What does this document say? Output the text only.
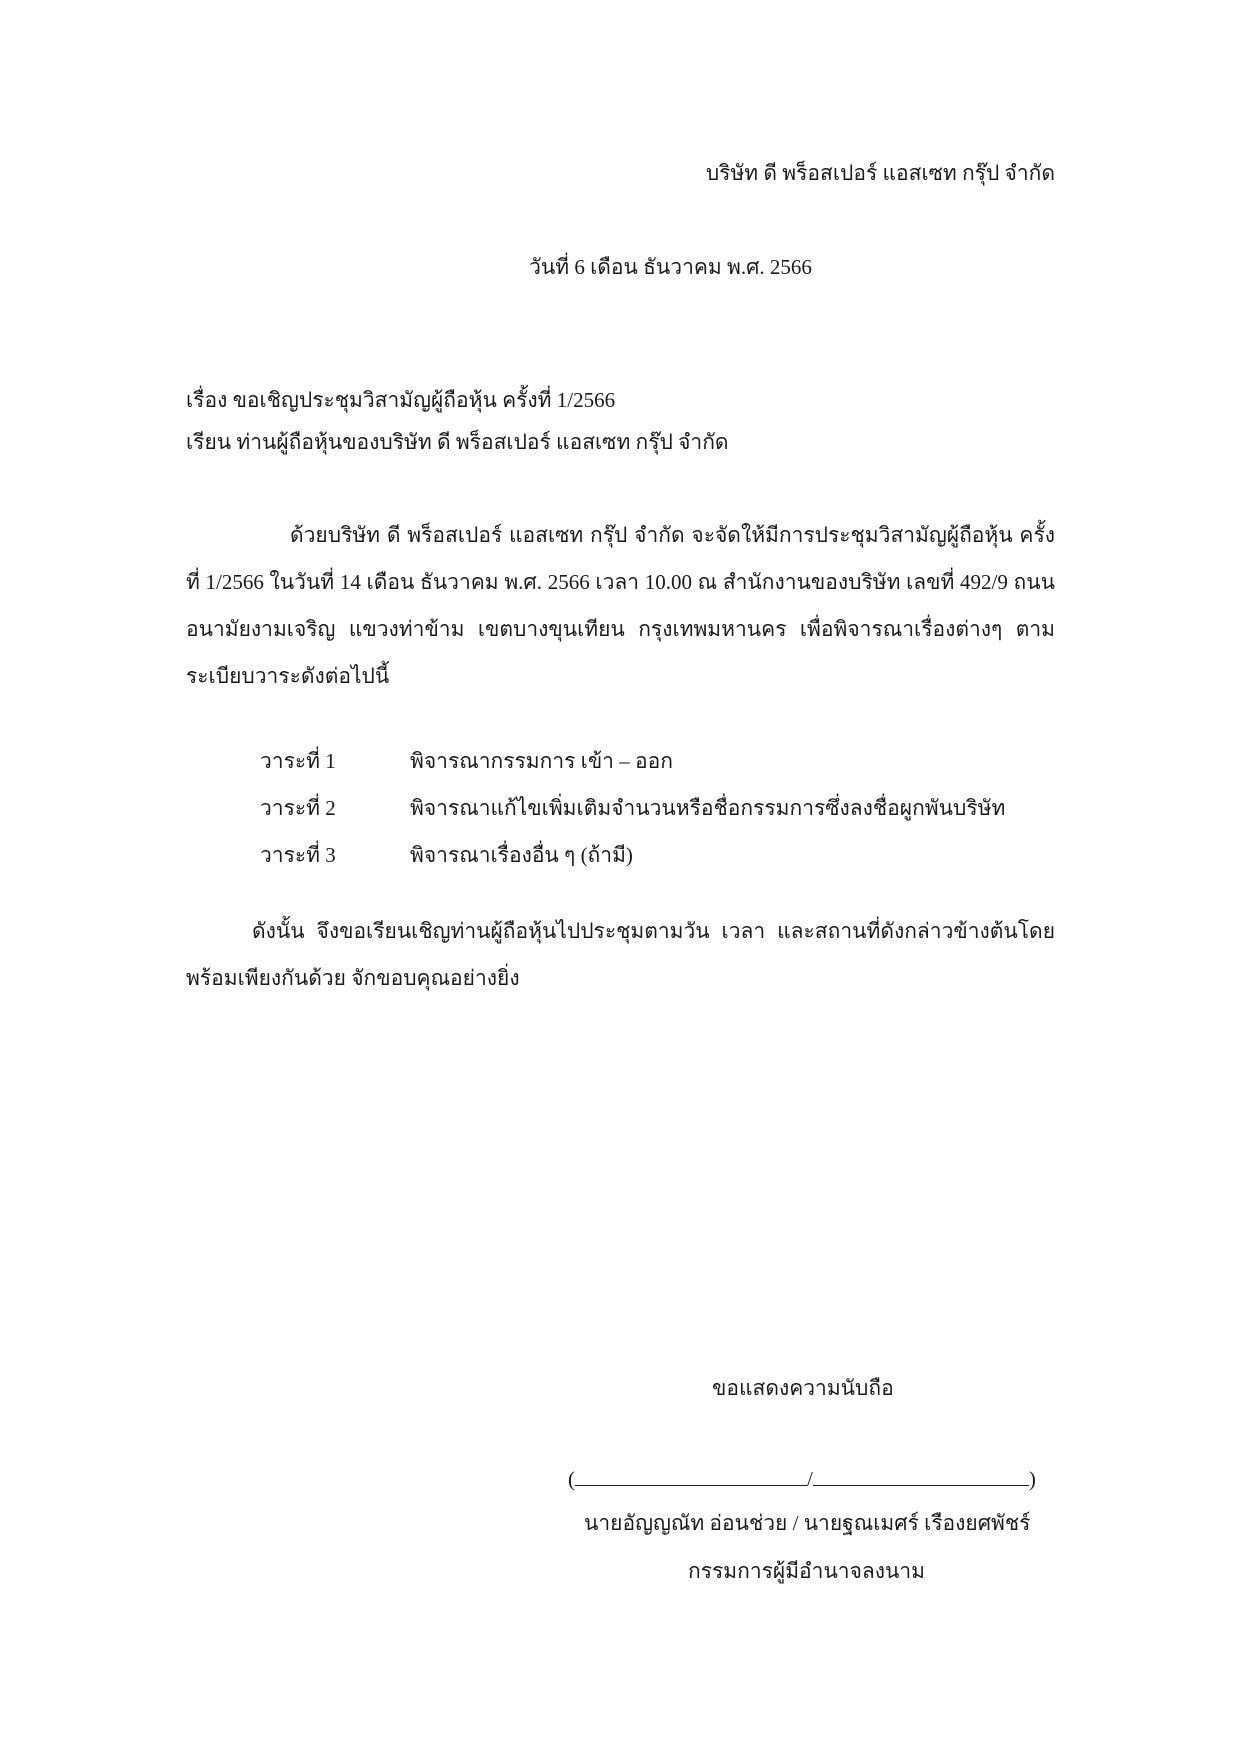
บริษัท ดี พร็อสเปอร์ แอสเซท กรุ๊ป จำกัด
วันที่ 6 เดือน ธันวาคม พ.ศ. 2566
เรื่อง ขอเชิญประชุมวิสามัญผู้ถือหุ้น ครั้งที่ 1/2566
เรียน ท่านผู้ถือหุ้นของบริษัท ดี พร็อสเปอร์ แอสเซท กรุ๊ป จำกัด
ด้วยบริษัท ดี พร็อสเปอร์ แอสเซท กรุ๊ป จำกัด จะจัดให้มีการประชุมวิสามัญผู้ถือหุ้น ครั้งที่ 1/2566 ในวันที่ 14 เดือน ธันวาคม พ.ศ. 2566 เวลา 10.00 ณ สำนักงานของบริษัท เลขที่ 492/9 ถนนอนามัยงามเจริญ แขวงท่าข้าม เขตบางขุนเทียน กรุงเทพมหานคร เพื่อพิจารณาเรื่องต่างๆ ตามระเบียบวาระดังต่อไปนี้
วาระที่ 1	พิจารณากรรมการ เข้า – ออก
วาระที่ 2	พิจารณาแก้ไขเพิ่มเติมจำนวนหรือชื่อกรรมการซึ่งลงชื่อผูกพันบริษัท
วาระที่ 3	พิจารณาเรื่องอื่น ๆ (ถ้ามี)
ดังนั้น จึงขอเรียนเชิญท่านผู้ถือหุ้นไปประชุมตามวัน เวลา และสถานที่ดังกล่าวข้างต้นโดยพร้อมเพียงกันด้วย จักขอบคุณอย่างยิ่ง
ขอแสดงความนับถือ
(	/	)
นายอัญญณัท อ่อนช่วย / นายฐณเมศร์ เรืองยศพัชร์
กรรมการผู้มีอำนาจลงนาม
